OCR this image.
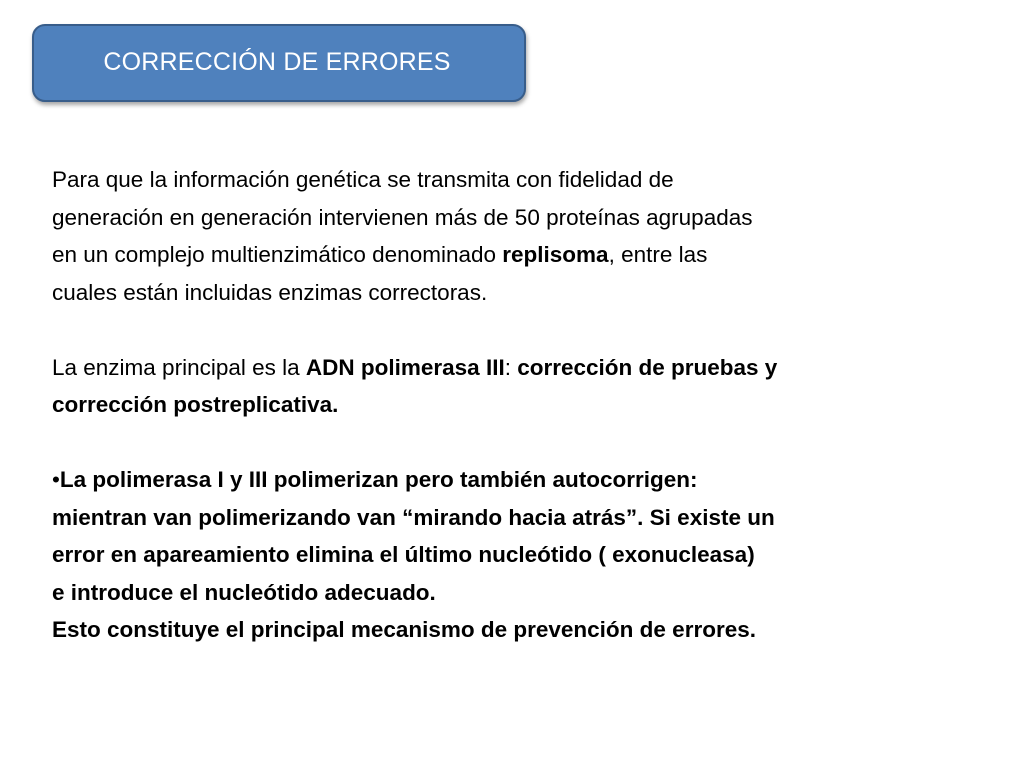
CORRECCIÓN DE ERRORES

Para que la información genética se transmita con fidelidad de
generación en generación intervienen más de 50 proteínas agrupadas
en un complejo multienzimático denominado replisoma, entre las
cuales están incluidas enzimas correctoras.

La enzima principal es la ADN polimerasa III: corrección de pruebas y
corrección postreplicativa.

•La polimerasa I y III polimerizan pero también autocorrigen:
mientran van polimerizando van “mirando hacia atrás”. Si existe un
error en apareamiento elimina el último nucleótido ( exonucleasa)
e introduce el nucleótido adecuado.
Esto constituye el principal mecanismo de prevención de errores.
